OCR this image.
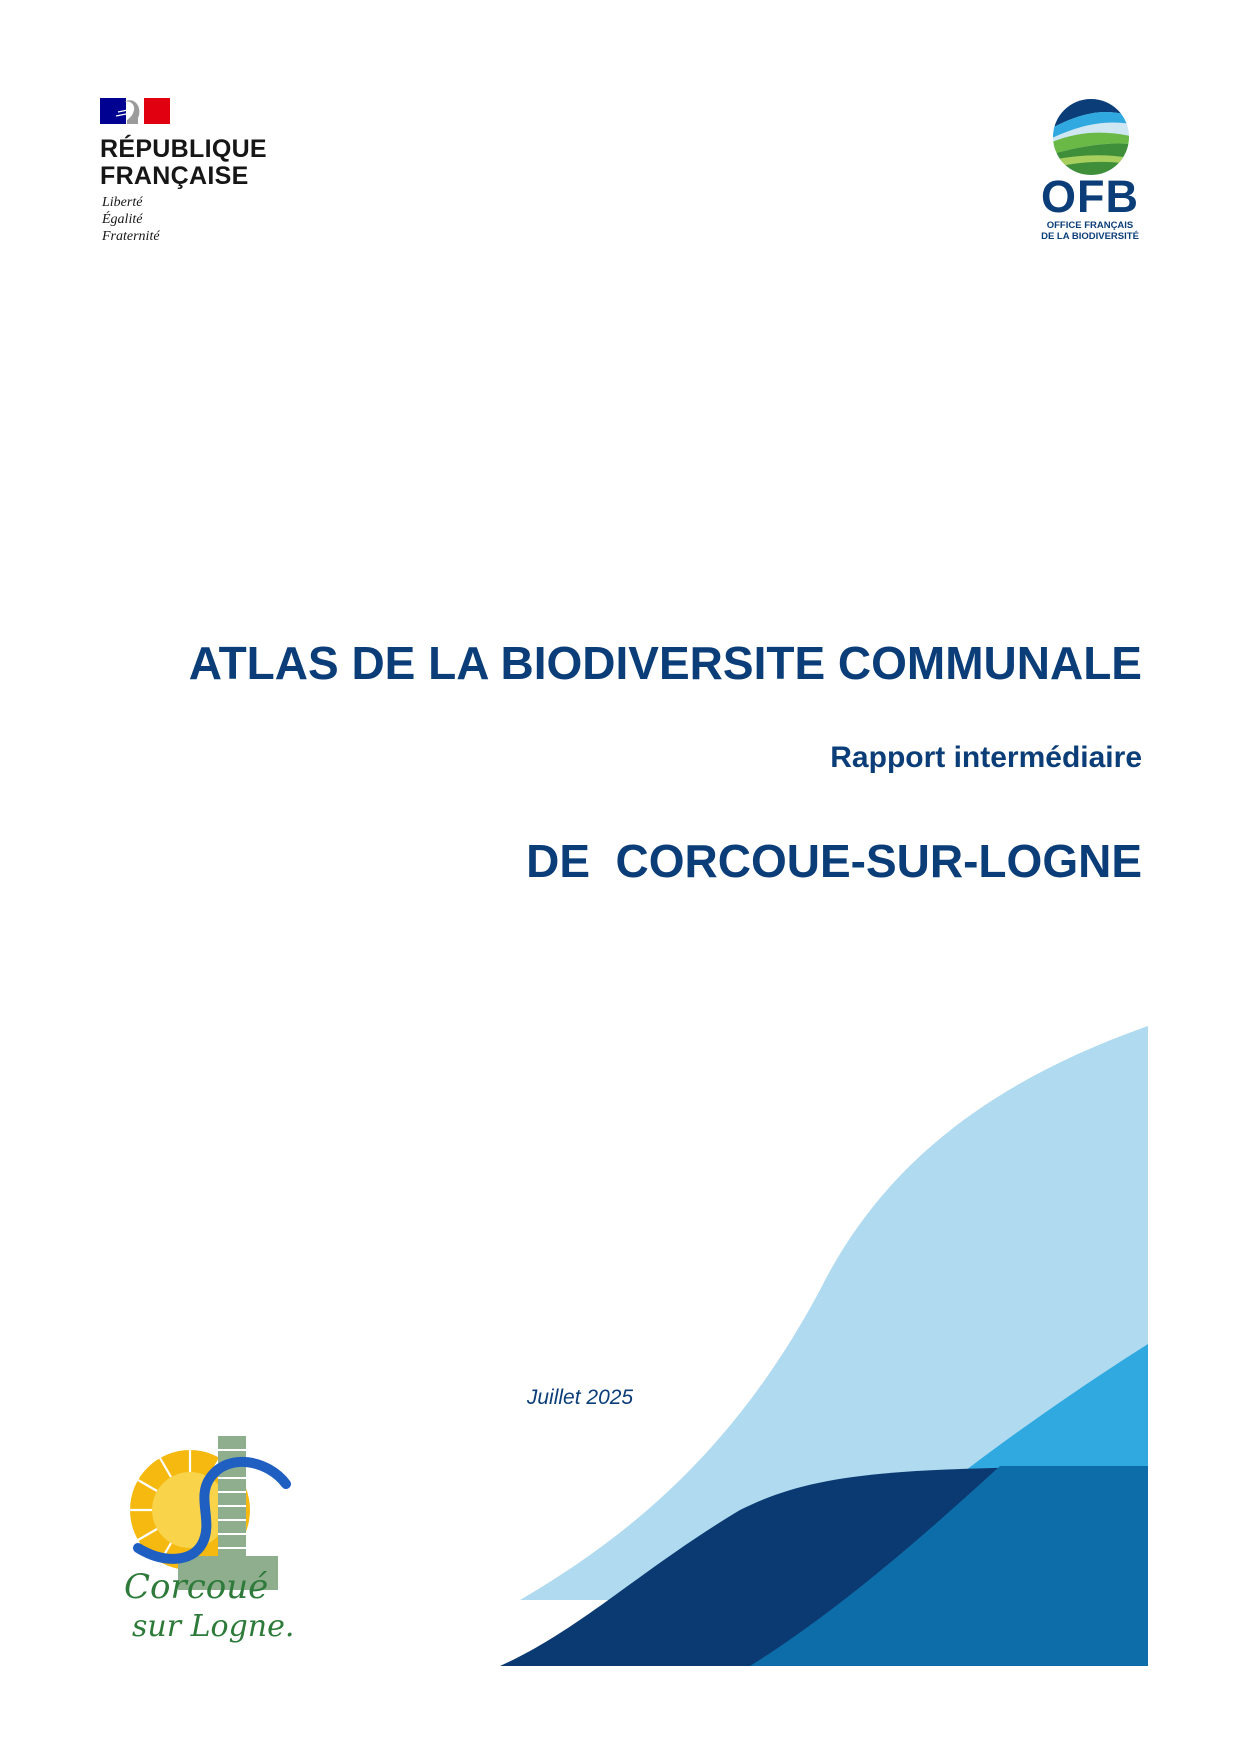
RÉPUBLIQUE
FRANÇAISE
Liberté
Égalité
Fraternité
OFB
OFFICE FRANÇAIS
DE LA BIODIVERSITÉ

ATLAS DE LA BIODIVERSITE COMMUNALE

DE  CORCOUE-SUR-LOGNE

Rapport intermédiaire
Juillet 2025
Corcoué
sur Logne.
